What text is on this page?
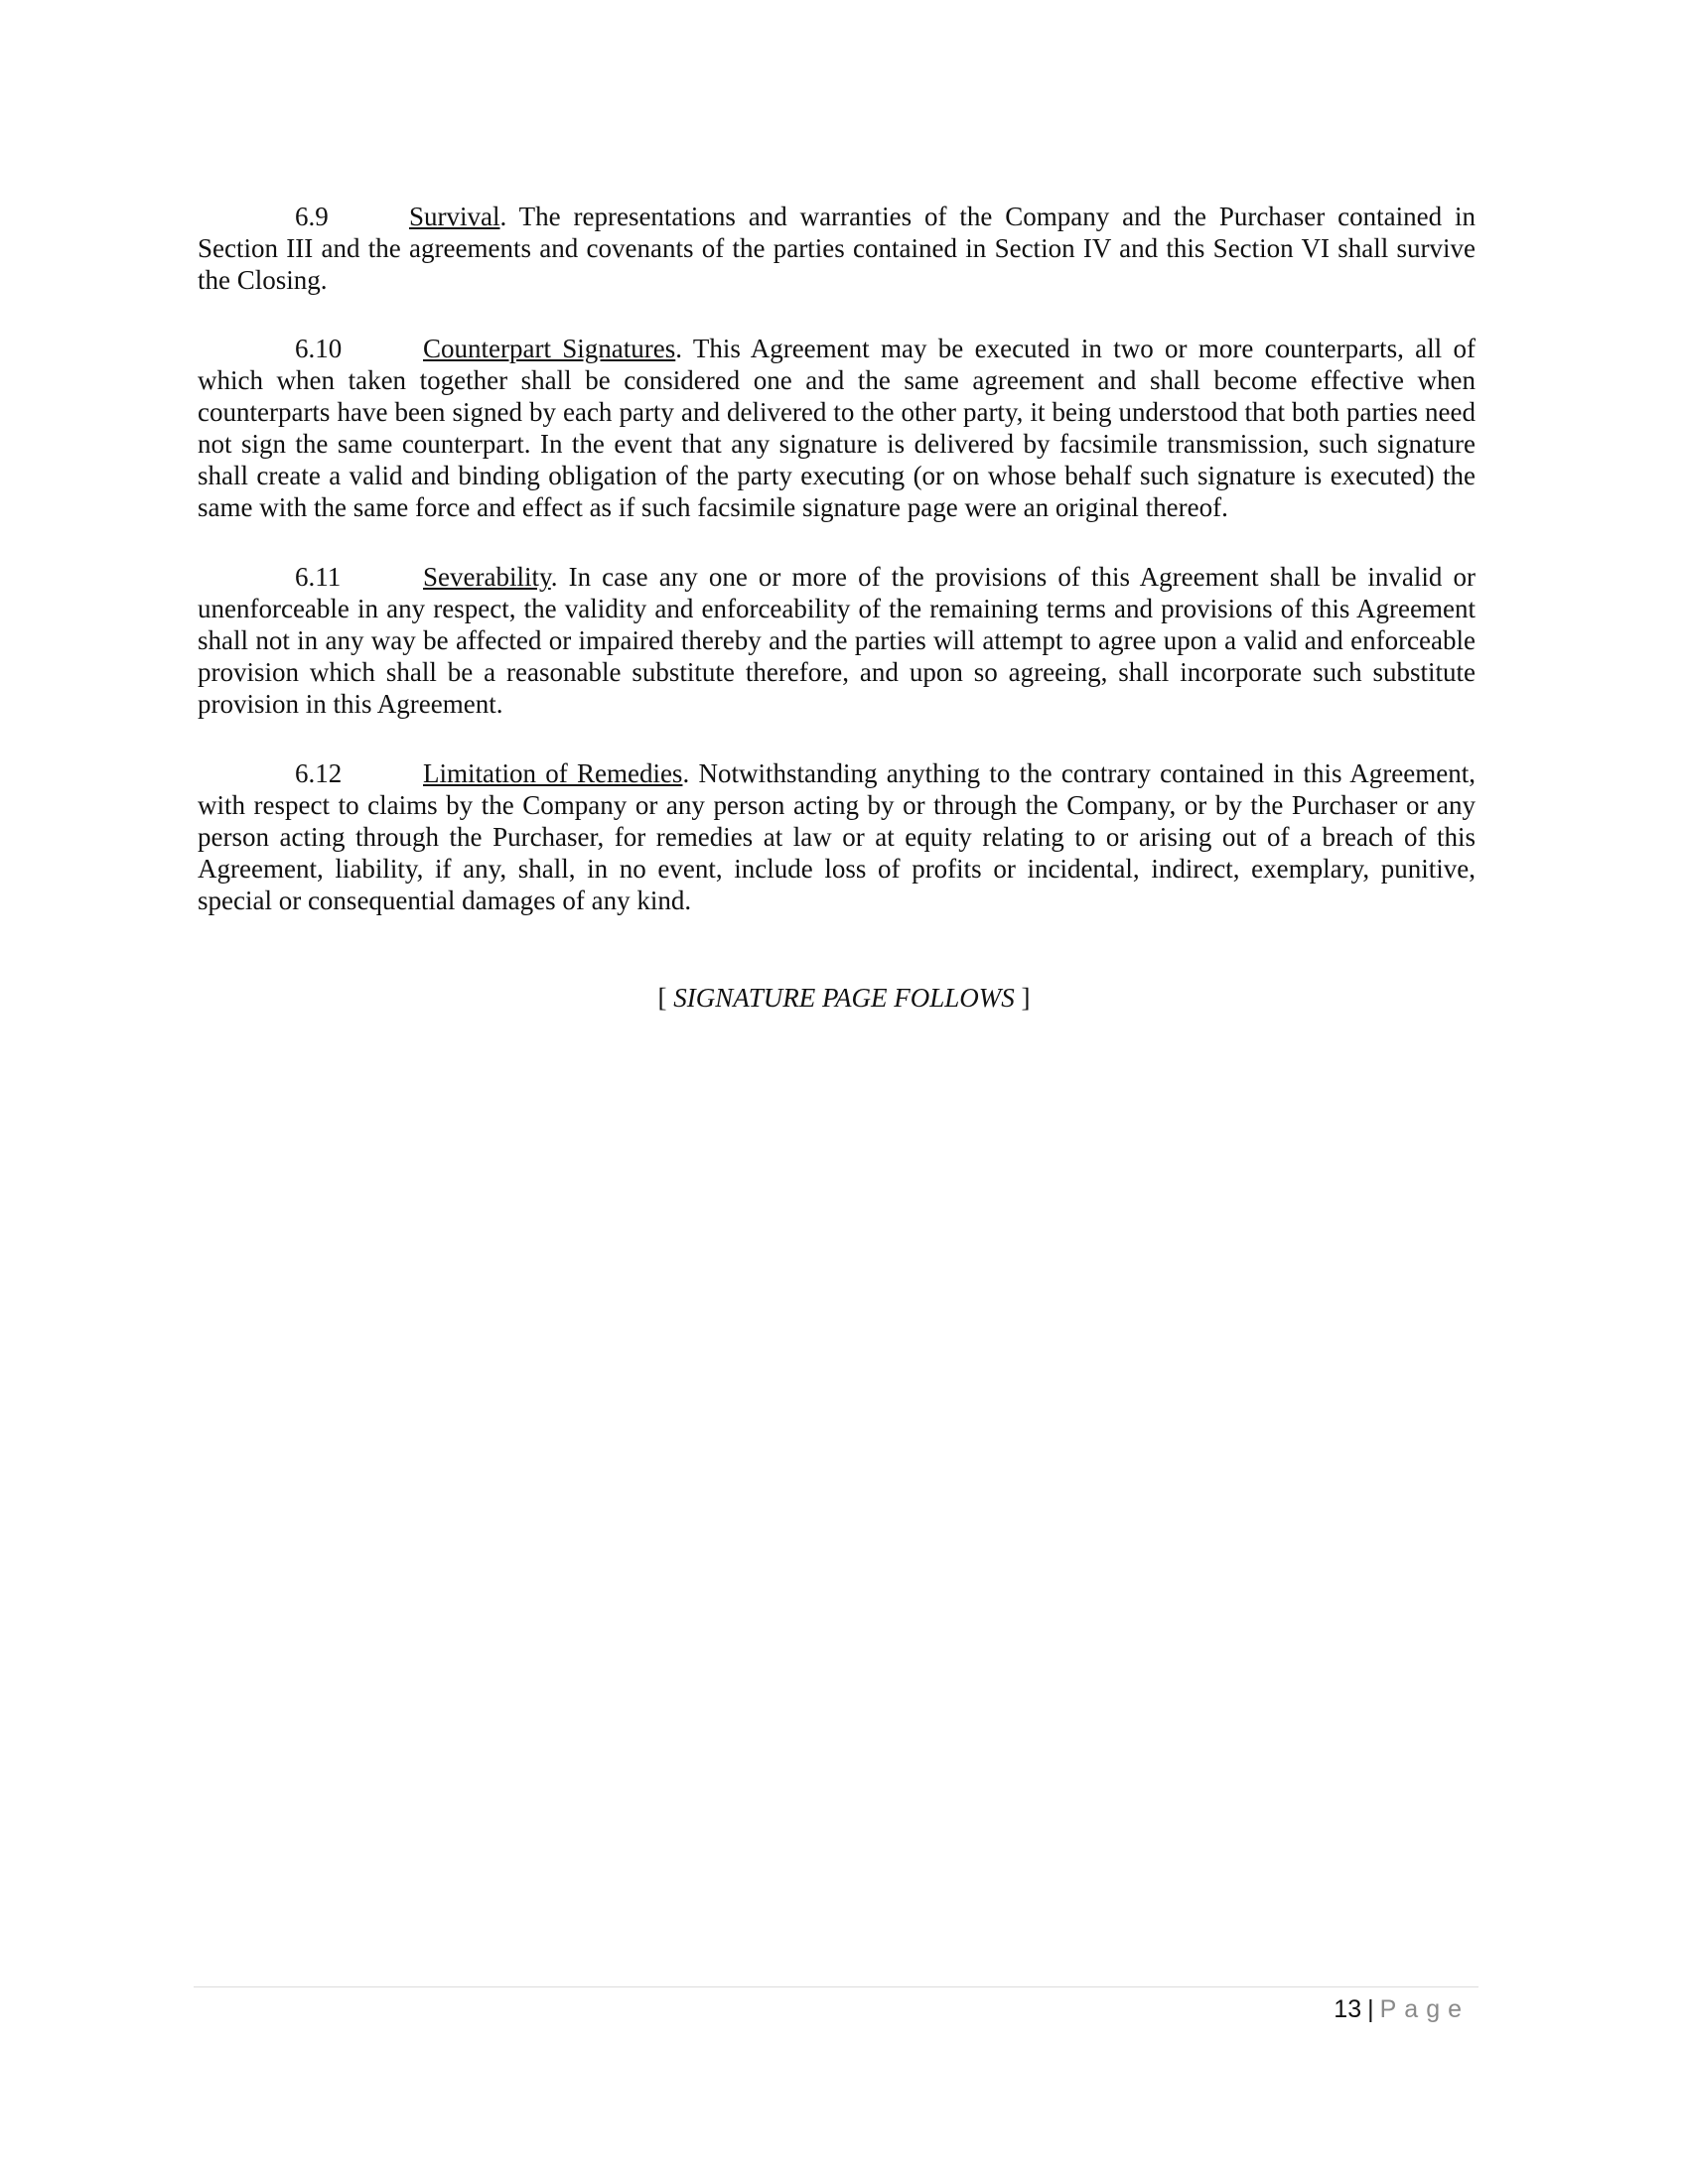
6.9	Survival. The representations and warranties of the Company and the Purchaser contained in Section III and the agreements and covenants of the parties contained in Section IV and this Section VI shall survive the Closing.
6.10	Counterpart Signatures. This Agreement may be executed in two or more counterparts, all of which when taken together shall be considered one and the same agreement and shall become effective when counterparts have been signed by each party and delivered to the other party, it being understood that both parties need not sign the same counterpart. In the event that any signature is delivered by facsimile transmission, such signature shall create a valid and binding obligation of the party executing (or on whose behalf such signature is executed) the same with the same force and effect as if such facsimile signature page were an original thereof.
6.11	Severability. In case any one or more of the provisions of this Agreement shall be invalid or unenforceable in any respect, the validity and enforceability of the remaining terms and provisions of this Agreement shall not in any way be affected or impaired thereby and the parties will attempt to agree upon a valid and enforceable provision which shall be a reasonable substitute therefore, and upon so agreeing, shall incorporate such substitute provision in this Agreement.
6.12	Limitation of Remedies. Notwithstanding anything to the contrary contained in this Agreement, with respect to claims by the Company or any person acting by or through the Company, or by the Purchaser or any person acting through the Purchaser, for remedies at law or at equity relating to or arising out of a breach of this Agreement, liability, if any, shall, in no event, include loss of profits or incidental, indirect, exemplary, punitive, special or consequential damages of any kind.
[ SIGNATURE PAGE FOLLOWS ]
13 | Page
